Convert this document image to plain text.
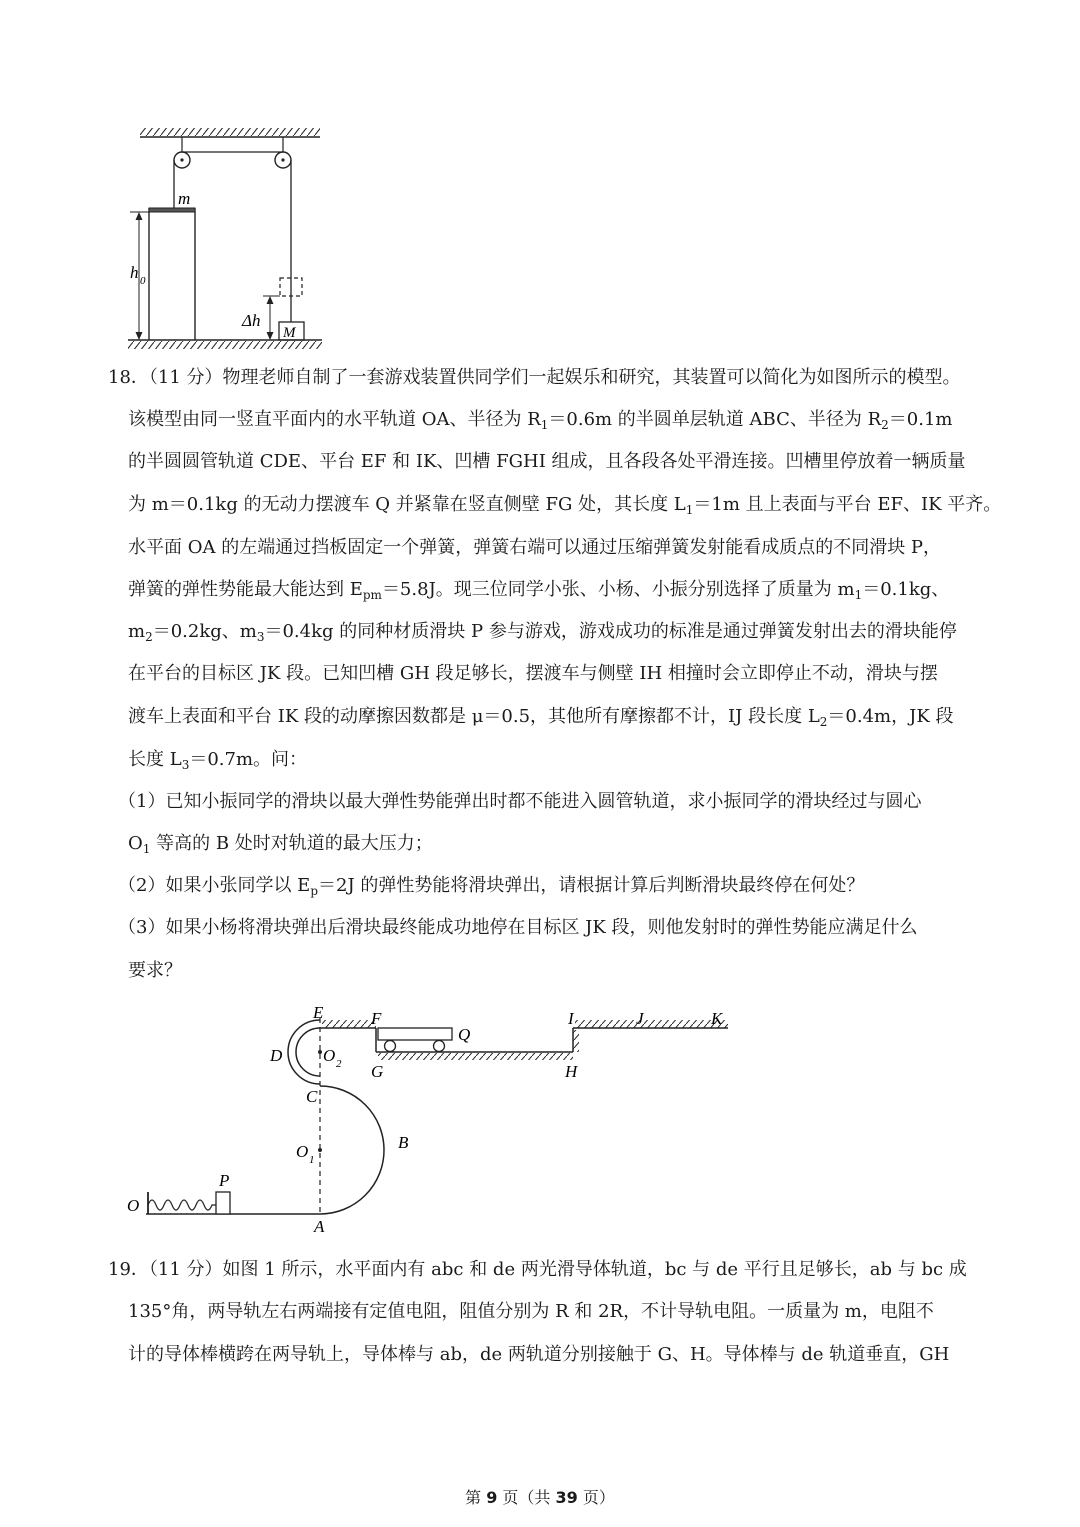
m
h 0
Δh
M
18．（11 分）物理老师自制了一套游戏装置供同学们一起娱乐和研究，其装置可以简化为如图所示的模型。
该模型由同一竖直平面内的水平轨道 OA、半径为 $R_1=0.6m$ 的半圆单层轨道 ABC、半径为 $R_2=0.1m$
的半圆圆管轨道 CDE、平台 EF 和 IK、凹槽 FGHI 组成，且各段各处平滑连接。凹槽里停放着一辆质量
为 m＝0.1kg 的无动力摆渡车 Q 并紧靠在竖直侧壁 FG 处，其长度 $L_1=1m$ 且上表面与平台 EF、IK 平齐。
水平面 OA 的左端通过挡板固定一个弹簧，弹簧右端可以通过压缩弹簧发射能看成质点的不同滑块 P，
弹簧的弹性势能最大能达到 $E_{pm}=5.8J$。现三位同学小张、小杨、小振分别选择了质量为 $m_1=0.1kg$、
$m_2=0.2kg$、$m_3=0.4kg$ 的同种材质滑块 P 参与游戏，游戏成功的标准是通过弹簧发射出去的滑块能停
在平台的目标区 JK 段。已知凹槽 GH 段足够长，摆渡车与侧壁 IH 相撞时会立即停止不动，滑块与摆
渡车上表面和平台 IK 段的动摩擦因数都是 μ＝0.5，其他所有摩擦都不计，IJ 段长度 $L_2=0.4m$，JK 段
长度 $L_3=0.7m$。问：
（1）已知小振同学的滑块以最大弹性势能弹出时都不能进入圆管轨道，求小振同学的滑块经过与圆心
$O_1$ 等高的 B 处时对轨道的最大压力；
（2）如果小张同学以 $E_p=2J$ 的弹性势能将滑块弹出，请根据计算后判断滑块最终停在何处？
（3）如果小杨将滑块弹出后滑块最终能成功地停在目标区 JK 段，则他发射时的弹性势能应满足什么
要求？
E	F
Q
I	J	K
D O 2 G	H
C
B
O 1
O
P
A
19．（11 分）如图 1 所示，水平面内有 abc 和 de 两光滑导体轨道，bc 与 de 平行且足够长，ab 与 bc 成
135°角，两导轨左右两端接有定值电阻，阻值分别为 R 和 2R，不计导轨电阻。一质量为 m，电阻不
计的导体棒横跨在两导轨上，导体棒与 ab，de 两轨道分别接触于 G、H。导体棒与 de 轨道垂直，GH
第 9 页（共 39 页）
